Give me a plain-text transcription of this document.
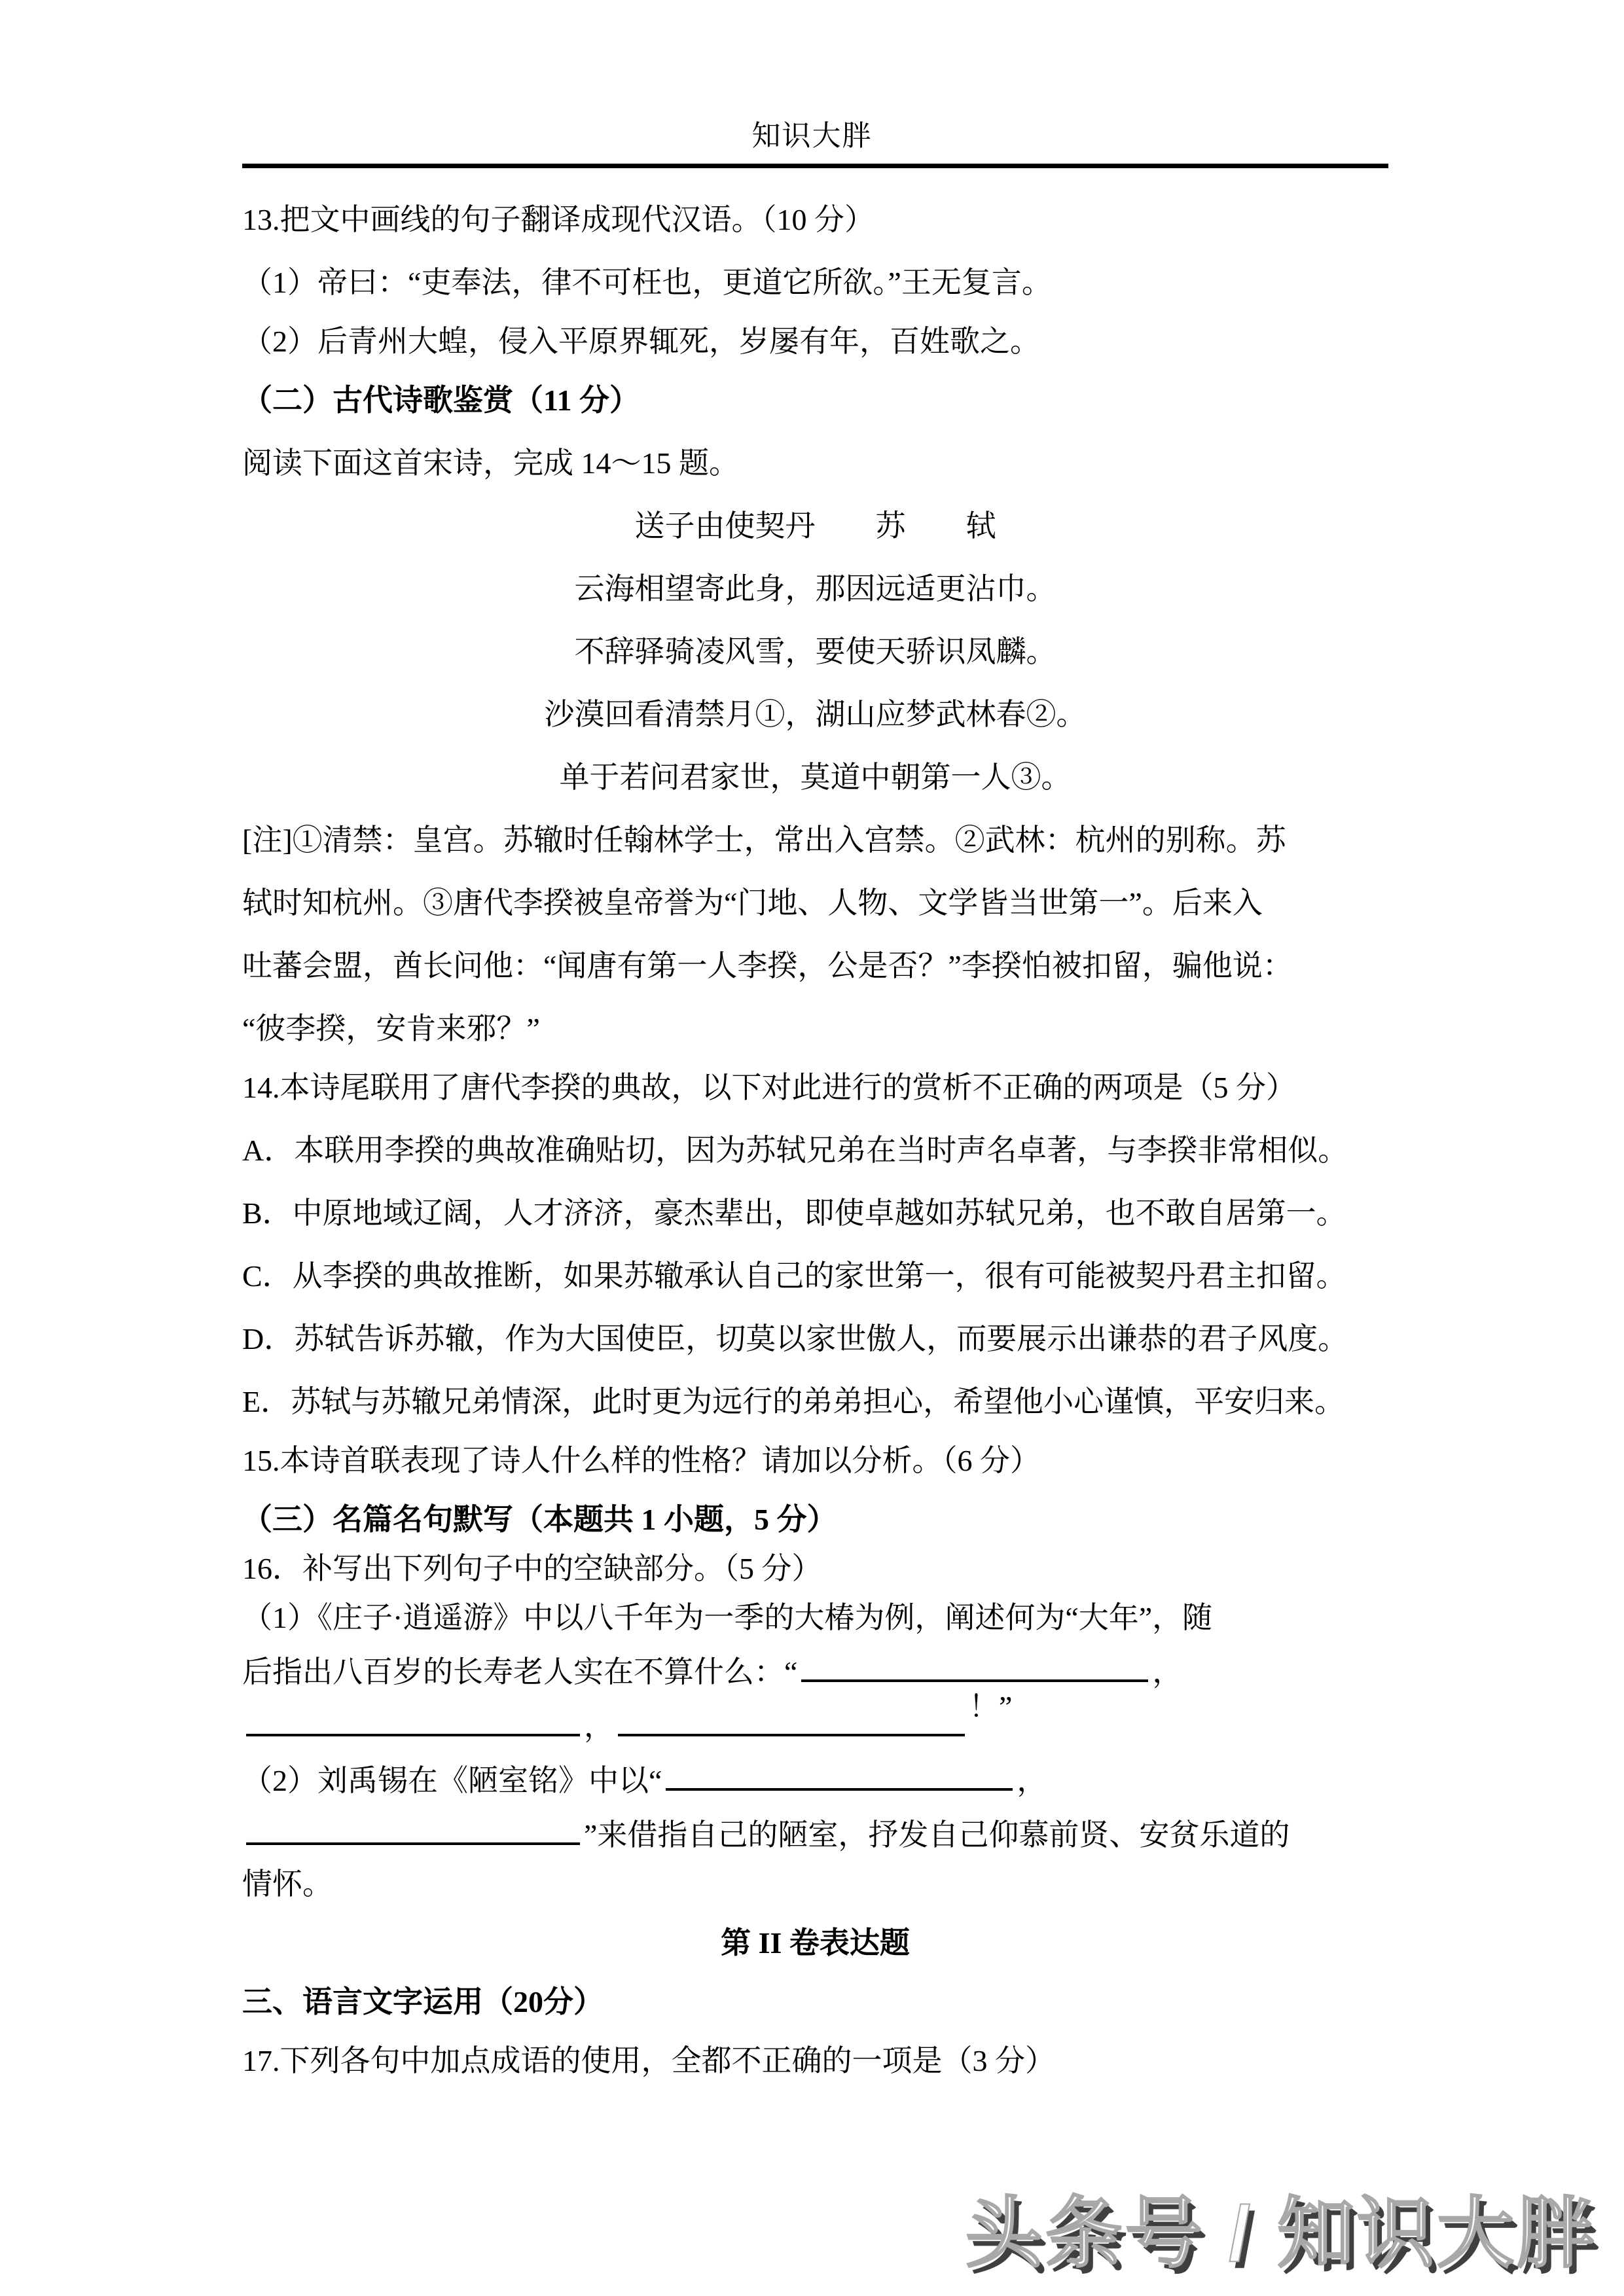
知识大胖

13.把文中画线的句子翻译成现代汉语。（10 分）

（1）帝曰：“吏奉法，律不可枉也，更道它所欲。”王无复言。

（2）后青州大蝗，侵入平原界辄死，岁屡有年，百姓歌之。

（二）古代诗歌鉴赏（11 分）

阅读下面这首宋诗，完成 14～15 题。

送子由使契丹　　苏　　轼

云海相望寄此身，那因远适更沾巾。

不辞驿骑凌风雪，要使天骄识凤麟。

沙漠回看清禁月①，湖山应梦武林春②。

单于若问君家世，莫道中朝第一人③。

[注]①清禁：皇宫。苏辙时任翰林学士，常出入宫禁。②武林：杭州的别称。苏

轼时知杭州。③唐代李揆被皇帝誉为“门地、人物、文学皆当世第一”。后来入

吐蕃会盟，酋长问他：“闻唐有第一人李揆，公是否？”李揆怕被扣留，骗他说：

“彼李揆，安肯来邪？”

14.本诗尾联用了唐代李揆的典故，以下对此进行的赏析不正确的两项是（5 分）

A．本联用李揆的典故准确贴切，因为苏轼兄弟在当时声名卓著，与李揆非常相似。

B．中原地域辽阔，人才济济，豪杰辈出，即使卓越如苏轼兄弟，也不敢自居第一。

C．从李揆的典故推断，如果苏辙承认自己的家世第一，很有可能被契丹君主扣留。

D．苏轼告诉苏辙，作为大国使臣，切莫以家世傲人，而要展示出谦恭的君子风度。

E．苏轼与苏辙兄弟情深，此时更为远行的弟弟担心，希望他小心谨慎，平安归来。

15.本诗首联表现了诗人什么样的性格？请加以分析。（6 分）

（三）名篇名句默写（本题共 1 小题，5 分）

16．补写出下列句子中的空缺部分。（5 分）

（1）《庄子·逍遥游》中以八千年为一季的大椿为例，阐述何为“大年”，随

后指出八百岁的长寿老人实在不算什么：“	，

，！”

（2）刘禹锡在《陋室铭》中以“	，

”来借指自己的陋室，抒发自己仰慕前贤、安贫乐道的

情怀。

第 II 卷表达题

三、语言文字运用（20分）

17.下列各句中加点成语的使用，全都不正确的一项是（3 分）

头条号 / 知识大胖
